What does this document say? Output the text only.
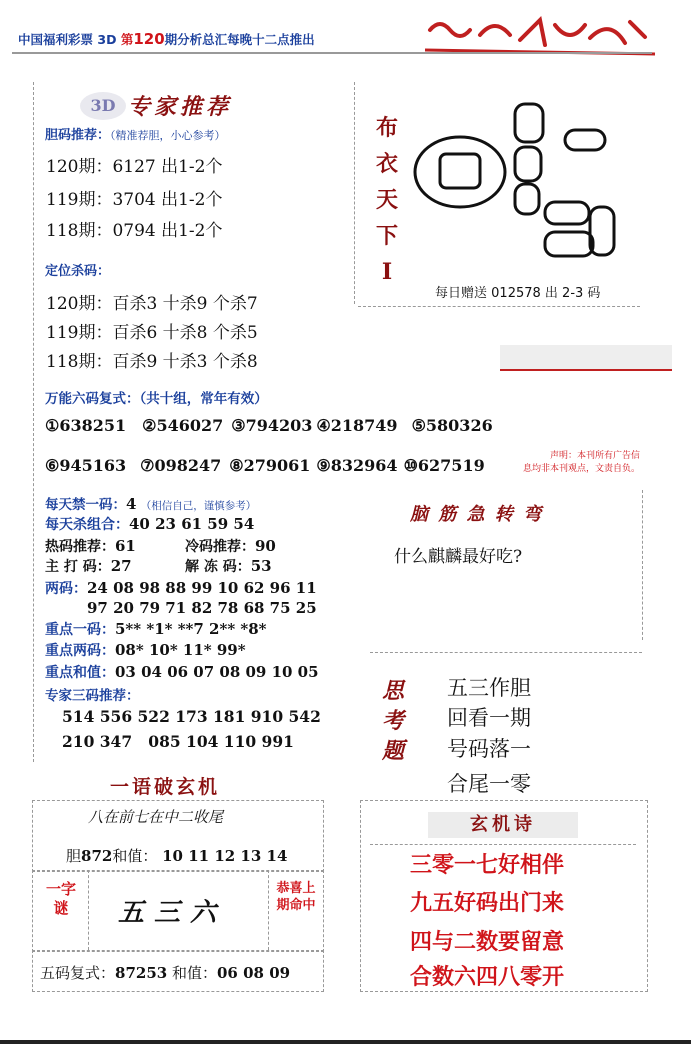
中国福利彩票 3D 第120期分析总汇每晚十二点推出
3D 专家推荐
胆码推荐：（精准荐胆，小心参考）
120期：6127 出1-2个
119期：3704 出1-2个
118期：0794 出1-2个
定位杀码：
120期：百杀3 十杀9 个杀7
119期：百杀6 十杀8 个杀5
118期：百杀9 十杀3 个杀8
万能六码复式：（共十组，常年有效）
①638251 ②546027 ③794203 ④218749 ⑤580326
⑥945163 ⑦098247 ⑧279061 ⑨832964 ⑩627519
每天禁一码：4 （相信自己，谨慎参考）
每天杀组合：40 23 61 59 54
热码推荐：61	冷码推荐：90
主 打 码：27	解 冻 码：53
两码：24 08 98 88 99 10 62 96 11
97 20 79 71 82 78 68 75 25
重点一码：5** *1* **7 2** *8*
重点两码：08* 10* 11* 99*
重点和值：03 04 06 07 08 09 10 05
专家三码推荐：
514 556 522 173 181 910 542
210 347   085 104 110 991
布衣天下I
每日赠送 012578 出 2-3 码
声明：本刊所有广告信
息均非本刊观点，文责自负。
脑 筋 急 转 弯
什么麒麟最好吃?
思考题
五三作胆
回看一期
号码落一
合尾一零
一语破玄机
八在前七在中二收尾
胆872和值： 10 11 12 13 14
一字谜	五三六
恭喜上期命中
五码复式：87253 和值：06 08 09
玄机诗
三零一七好相伴
九五好码出门来
四与二数要留意
合数六四八零开
